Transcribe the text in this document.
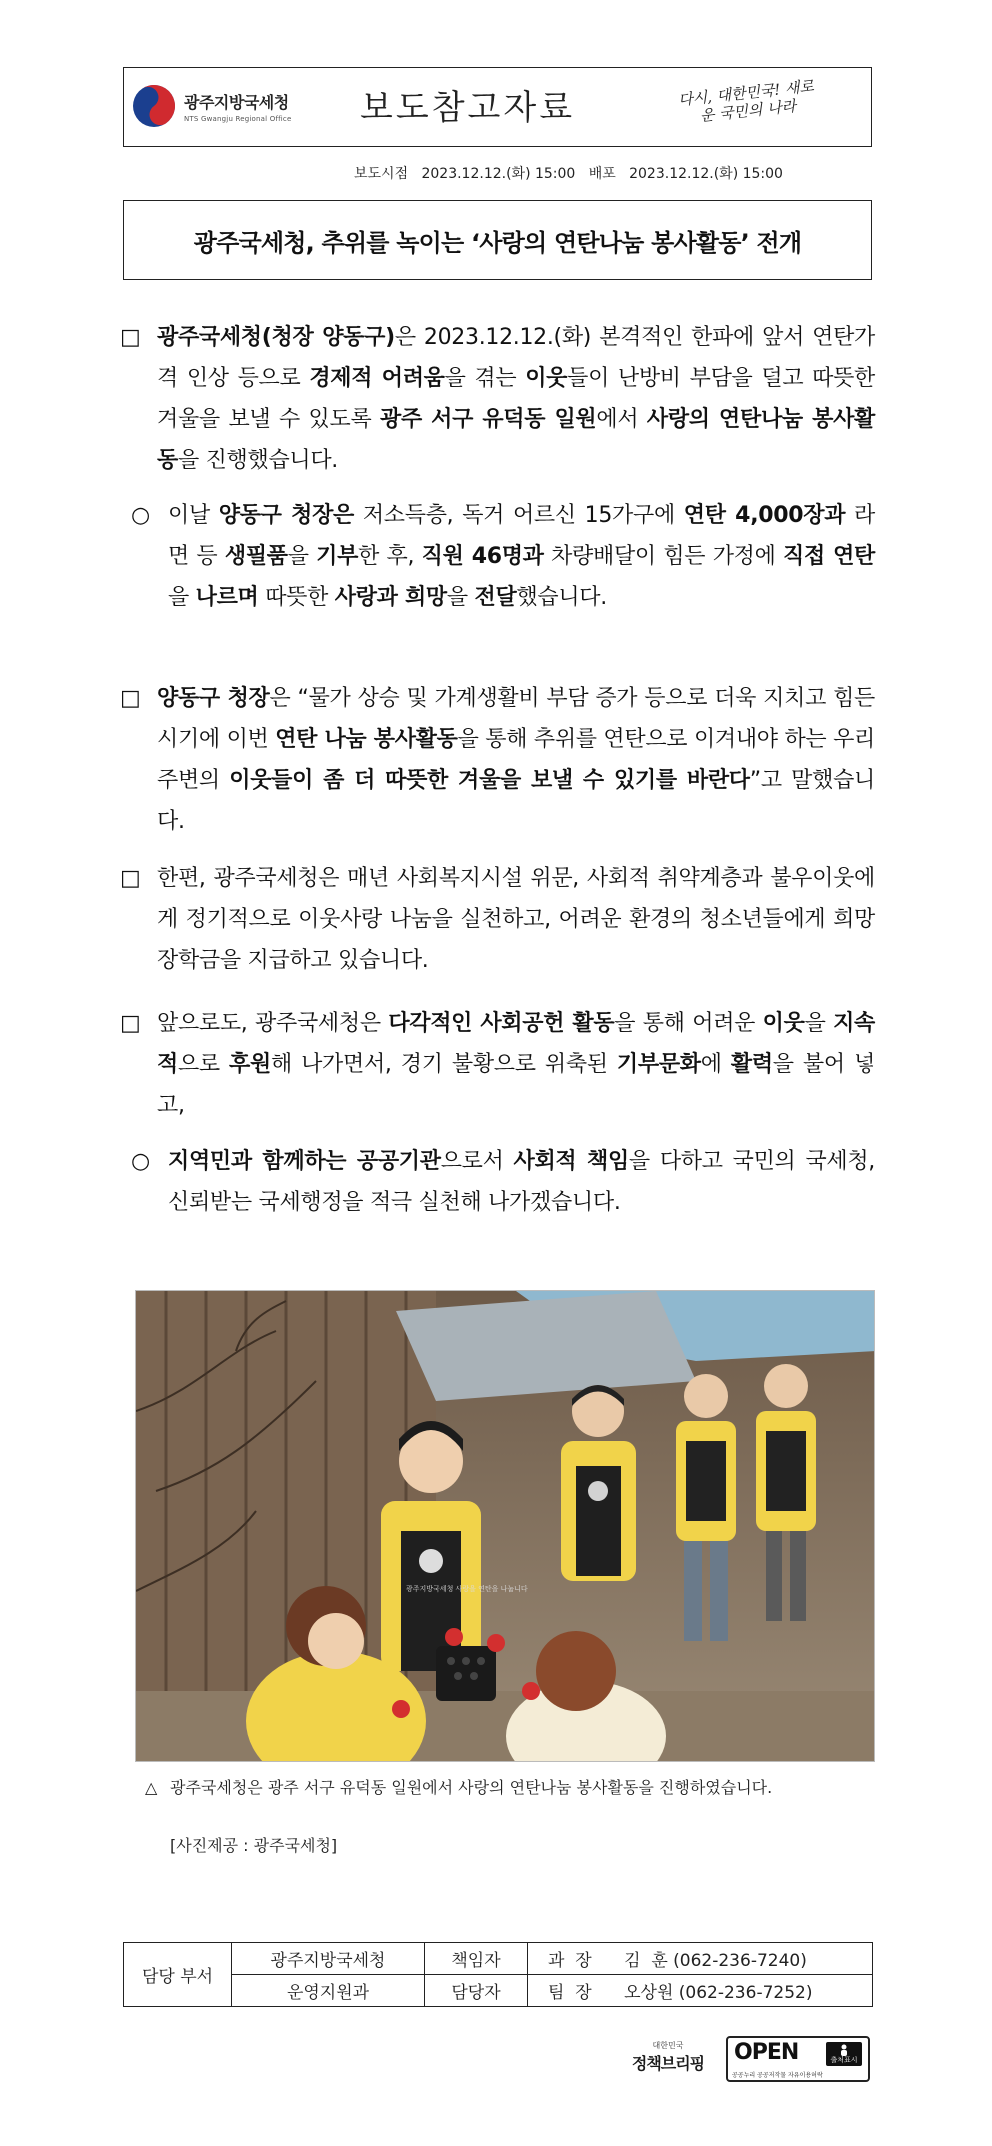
광주지방국세청
NTS Gwangju Regional Office 보도참고자료	다시, 대한민국! 새로운 국민의 나라
보도시점 2023.12.12.(화) 15:00 배포 2023.12.12.(화) 15:00
광주국세청, 추위를 녹이는 ‘사랑의 연탄나눔 봉사활동’ 전개
□ 광주국세청(청장 양동구)은 2023.12.12.(화) 본격적인 한파에 앞서 연탄가격 인상 등으로 경제적 어려움을 겪는 이웃들이 난방비 부담을 덜고 따뜻한 겨울을 보낼 수 있도록 광주 서구 유덕동 일원에서 사랑의 연탄나눔 봉사활동을 진행했습니다.
○ 이날 양동구 청장은 저소득층, 독거 어르신 15가구에 연탄 4,000장과 라면 등 생필품을 기부한 후, 직원 46명과 차량배달이 힘든 가정에 직접 연탄을 나르며 따뜻한 사랑과 희망을 전달했습니다.
□ 양동구 청장은 “물가 상승 및 가계생활비 부담 증가 등으로 더욱 지치고 힘든 시기에 이번 연탄 나눔 봉사활동을 통해 추위를 연탄으로 이겨내야 하는 우리 주변의 이웃들이 좀 더 따뜻한 겨울을 보낼 수 있기를 바란다”고 말했습니다.
□ 한편, 광주국세청은 매년 사회복지시설 위문, 사회적 취약계층과 불우이웃에게 정기적으로 이웃사랑 나눔을 실천하고, 어려운 환경의 청소년들에게 희망 장학금을 지급하고 있습니다.
□ 앞으로도, 광주국세청은 다각적인 사회공헌 활동을 통해 어려운 이웃을 지속적으로 후원해 나가면서, 경기 불황으로 위축된 기부문화에 활력을 불어 넣고,
○ 지역민과 함께하는 공공기관으로서 사회적 책임을 다하고 국민의 국세청, 신뢰받는 국세행정을 적극 실천해 나가겠습니다.
광주지방국세청 사랑을 연탄을 나눕니다
△ 광주국세청은 광주 서구 유덕동 일원에서 사랑의 연탄나눔 봉사활동을 진행하였습니다.
[사진제공 : 광주국세청]
담당 부서	광주지방국세청	책임자	과  장 김  훈 (062-236-7240)
	운영지원과	담당자	팀  장 오상원 (062-236-7252)
대한민국
정책브리핑	OPEN	출처표시
공공누리 공공저작물 자유이용허락
